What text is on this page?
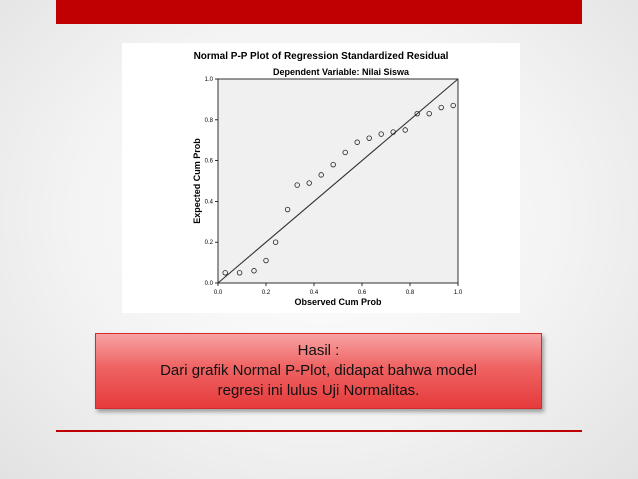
Normal P-P Plot of Regression Standardized Residual
Dependent Variable: Nilai Siswa
0.0	0.2	0.4	0.6	0.8	1.0
0.0
0.2
0.4
0.6
0.8
1.0
Observed Cum Prob
Expected Cum Prob
Hasil :
Dari grafik Normal P-Plot, didapat bahwa model
regresi ini lulus Uji Normalitas.
